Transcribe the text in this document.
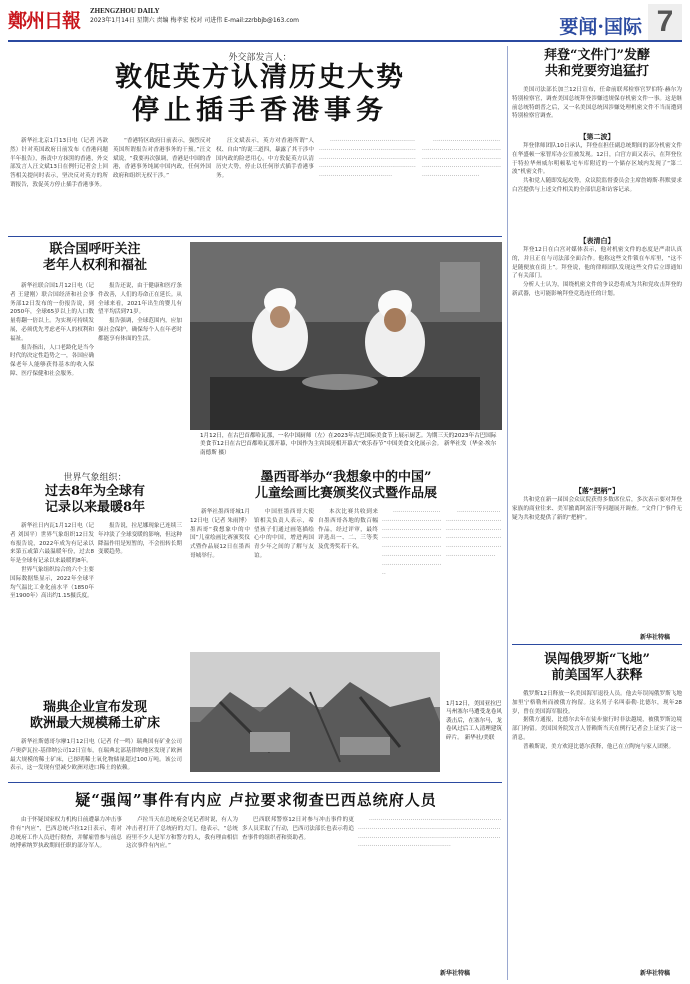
鄭州日報 ZHENGZHOU DAILY
2023年1月14日 星期六 责编 梅孝宏 校对 司进伟 E-mail:zzrbbjb@163.com	要闻·国际 7
外交部发言人：
敦促英方认清历史大势
停止插手香港事务

新华社北京1月13日电（记者 冯歆然）针对英国政府日前发布《香港问题半年报告》，指责中方抹黑的香港，外交部发言人汪文斌13日在例行记者会上回答相关提问时表示，坚决反对英方的所谓报告，敦促英方停止插手香港事务。

“香港特区政府日前表示，强烈反对英国所谓报告对香港事务的干预。”汪文斌说，“我要再次强调，香港是中国的香港，香港事务纯属中国内政，任何外国政府和组织无权干涉。”

汪文斌表示，英方对香港所谓“人权、自由”的说三道四，暴露了其干涉中国内政的险恶用心。中方敦促英方认清历史大势，停止以任何形式插手香港事务。

···································································································································································································································

·······················································································································································································

联合国呼吁关注
老年人权利和福祉

新华社联合国1月12日电（记者 王建刚）联合国经济和社会事务部12日发布的一份报告说，到2050年，全球65岁以上的人口数量将翻一倍以上。为实现可持续发展，必须优先考虑老年人的权利和福祉。

报告指出，人口老龄化是当今时代的决定性趋势之一，各国应确保老年人能够获得基本的收入保障、医疗保健和社会服务。

报告还说，由于健康和医疗条件改善，人们的寿命正在延长。从全球来看，2021年出生的婴儿有望平均活到71岁。

报告强调，全球范围内，应加强社会保护，确保每个人在年老时都能享有体面的生活。

1月12日，在古巴首都哈瓦那，一名中国厨师（左）在2023年古巴国际美食节上展示厨艺。为期三天的2023年古巴国际美食节12日在古巴首都哈瓦那开幕，中国作为主宾国亮相开幕式“欢乐春节”中国美食文化展示会。 新华社发（华金·埃尔南德斯 摄）
世界气象组织：
过去8年为全球有
记录以来最暖8年

新华社日内瓦1月12日电（记者 刘国平）世界气象组织12日发布报告说，2022年成为有记录以来第五或第六最温暖年份，过去8年是全球有记录以来最暖的8年。

世界气象组织综合的六个主要国际数据集显示，2022年全球平均气温比工业化前水平（1850年至1900年）高出约1.15摄氏度。

报告说，拉尼娜现象已连续三年冲淡了全球变暖的影响，但这种降温作用是短暂的，不会扭转长期变暖趋势。

墨西哥举办“我想象中的中国”
儿童绘画比赛颁奖仪式暨作品展

新华社墨西哥城1月12日电（记者 朱雨博）墨西哥“我想象中的中国”儿童绘画比赛颁奖仪式暨作品展12日在墨西哥城举行。

中国驻墨西哥大使馆相关负责人表示，希望孩子们通过画笔描绘心中的中国，增进两国青少年之间的了解与友谊。

本次比赛共收到来自墨西哥各地的数百幅作品，经过评审，最终评选出一、二、三等奖及优秀奖若干名。

··············································································································································································································

·······························································································································································

1月12日，美国亚拉巴马州塞尔马遭受龙卷风袭击后，在塞尔马，龙卷风过后工人清理建筑碎片。 新华社/美联
瑞典企业宣布发现
欧洲最大规模稀土矿床

新华社斯德哥尔摩1月12日电（记者 付一鸣）瑞典国有矿业公司卢奥萨瓦拉-基律纳公司12日宣布，在瑞典北部基律纳地区发现了欧洲最大规模的稀土矿床，已探明稀土氧化物储量超过100万吨。该公司表示，这一发现有望减少欧洲对进口稀土的依赖。

疑“强闯”事件有内应 卢拉要求彻查巴西总统府人员

由于怀疑国家权力机构日前遭暴力冲击事件有“内应”，巴西总统卢拉12日表示，将对总统府工作人员进行彻查，并解雇曾参与前总统博索纳罗执政期间任职的部分军人。

卢拉当天在总统府会见记者时说，有人为冲击者打开了总统府的大门。他表示，“总统府里不少人是军方和警方的人，我有理由相信这次事件有内应。”

巴西联邦警察12日对参与冲击事件的更多人员采取了行动，巴西司法部长也表示将追查事件的组织者和资助者。

··································································································································································································································································

新华社特稿
拜登“文件门”发酵
共和党要穷追猛打

美国司法部长加兰12日宣布，任命前联邦检察官罗伯特·赫尔为特别检察官，调查美国总统拜登涉嫌违规保存机密文件一事。这是继前总统特朗普之后，又一名美国总统因涉嫌处理机密文件不当而遭到特别检察官调查。

【第二波】

拜登律师团队10日承认，拜登在担任副总统期间的部分机密文件在华盛顿一家智库办公室被发现。12日，白宫方面又表示，在拜登位于特拉华州威尔明顿私宅车库附近的一个储存区域内发现了“第二波”机密文件。

共和党人随即发起攻势，众议院监督委员会主席詹姆斯·科默要求白宫提供与上述文件相关的全部信息和访客记录。

【表清白】

拜登12日在白宫对媒体表示，他对机密文件的态度是严肃认真的，并且正在与司法部全面合作。他称这些文件锁在车库里，“这不是随便放在街上”。拜登说，他的律师团队发现这些文件后立即通知了有关部门。

分析人士认为，围绕机密文件的争议恐将成为共和党攻击拜登的新武器，也可能影响拜登竞选连任的计划。

【落“把柄”】

共和党在新一届国会众议院获得多数席位后，多次表示要对拜登家族的商业往来、美军撤离阿富汗等问题展开调查。“文件门”事件无疑为共和党提供了新的“把柄”。

新华社特稿
误闯俄罗斯“飞地”
前美国军人获释

俄罗斯12日释放一名美国海军退役人员。他去年误闯俄罗斯飞地加里宁格勒州而被俄方拘留。这名男子名叫泰勒·比德尔，现年28岁，曾在美国海军服役。

据俄方通报，比德尔去年在徒步旅行时非法越境，被俄罗斯边境部门拘留。美国国务院发言人普赖斯当天在例行记者会上证实了这一消息。

普赖斯说，美方欢迎比德尔获释，他已在立陶宛与家人团聚。

新华社特稿
